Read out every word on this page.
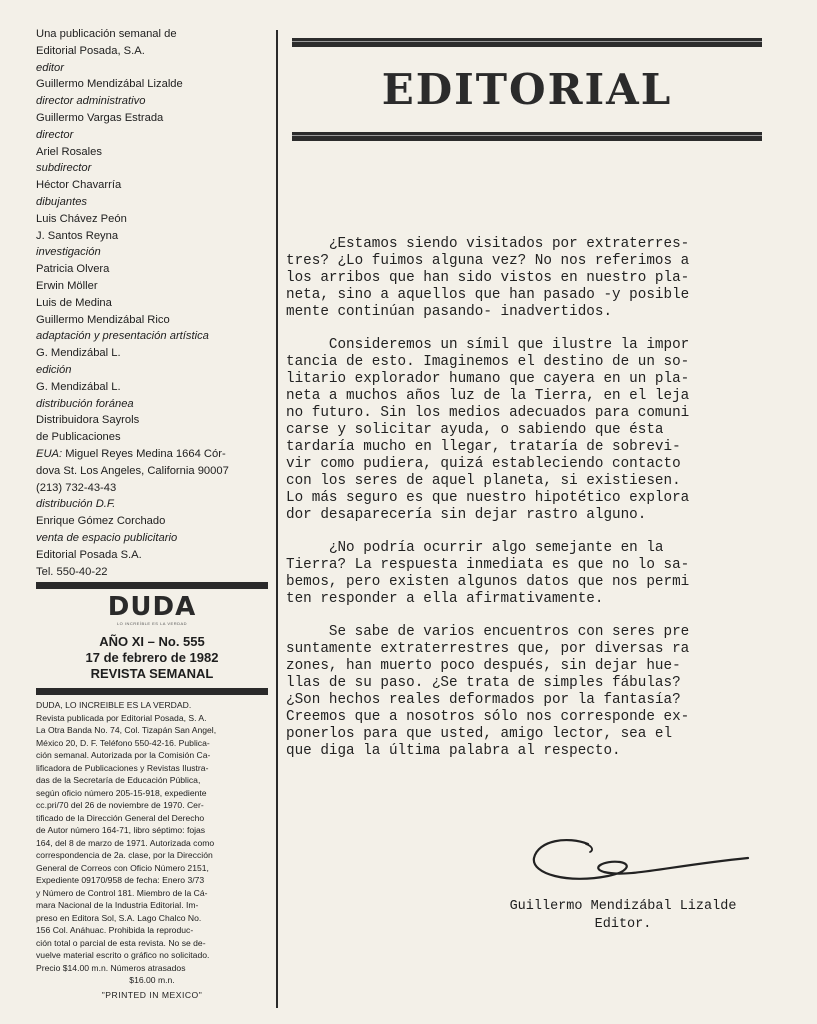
Una publicación semanal de
Editorial Posada, S.A.
editor
Guillermo Mendizábal Lizalde
director administrativo
Guillermo Vargas Estrada
director
Ariel Rosales
subdirector
Héctor Chavarría
dibujantes
Luis Chávez Peón
J. Santos Reyna
investigación
Patricia Olvera
Erwin Möller
Luis de Medina
Guillermo Mendizábal Rico
adaptación y presentación artística
G. Mendizábal L.
edición
G. Mendizábal L.
distribución foránea
Distribuidora Sayrols
de Publicaciones
EUA: Miguel Reyes Medina 1664 Cór-
dova St. Los Angeles, California 90007
(213) 732-43-43
distribución D.F.
Enrique Gómez Corchado
venta de espacio publicitario
Editorial Posada S.A.
Tel. 550-40-22
DUDA
LO INCREÍBLE ES LA VERDAD
AÑO XI – No. 555
17 de febrero de 1982
REVISTA SEMANAL
DUDA, LO INCREIBLE ES LA VERDAD.
Revista publicada por Editorial Posada, S. A.
La Otra Banda No. 74, Col. Tizapán San Angel,
México 20, D. F. Teléfono 550-42-16. Publica-
ción semanal. Autorizada por la Comisión Ca-
lificadora de Publicaciones y Revistas Ilustra-
das de la Secretaría de Educación Pública,
según oficio número 205-15-918, expediente
cc.pri/70 del 26 de noviembre de 1970. Cer-
tificado de la Dirección General del Derecho
de Autor número 164-71, libro séptimo: fojas
164, del 8 de marzo de 1971. Autorizada como
correspondencia de 2a. clase, por la Dirección
General de Correos con Oficio Número 2151,
Expediente 09170/958 de fecha: Enero 3/73
y Número de Control 181. Miembro de la Cá-
mara Nacional de la Industria Editorial. Im-
preso en Editora Sol, S.A. Lago Chalco No.
156 Col. Anáhuac. Prohibida la reproduc-
ción total o parcial de esta revista. No se de-
vuelve material escrito o gráfico no solicitado.
Precio $14.00 m.n. Números atrasados
$16.00 m.n.
"PRINTED IN MEXICO"
EDITORIAL
¿Estamos siendo visitados por extraterres-
tres? ¿Lo fuimos alguna vez? No nos referimos a
los arribos que han sido vistos en nuestro pla-
neta, sino a aquellos que han pasado -y posible
mente continúan pasando- inadvertidos.
Consideremos un símil que ilustre la impor
tancia de esto. Imaginemos el destino de un so-
litario explorador humano que cayera en un pla-
neta a muchos años luz de la Tierra, en el leja
no futuro. Sin los medios adecuados para comuni
carse y solicitar ayuda, o sabiendo que ésta
tardaría mucho en llegar, trataría de sobrevi-
vir como pudiera, quizá estableciendo contacto
con los seres de aquel planeta, si existiesen.
Lo más seguro es que nuestro hipotético explora
dor desaparecería sin dejar rastro alguno.
¿No podría ocurrir algo semejante en la
Tierra? La respuesta inmediata es que no lo sa-
bemos, pero existen algunos datos que nos permi
ten responder a ella afirmativamente.
Se sabe de varios encuentros con seres pre
suntamente extraterrestres que, por diversas ra
zones, han muerto poco después, sin dejar hue-
llas de su paso. ¿Se trata de simples fábulas?
¿Son hechos reales deformados por la fantasía?
Creemos que a nosotros sólo nos corresponde ex-
ponerlos para que usted, amigo lector, sea el
que diga la última palabra al respecto.
Guillermo Mendizábal Lizalde
Editor.
